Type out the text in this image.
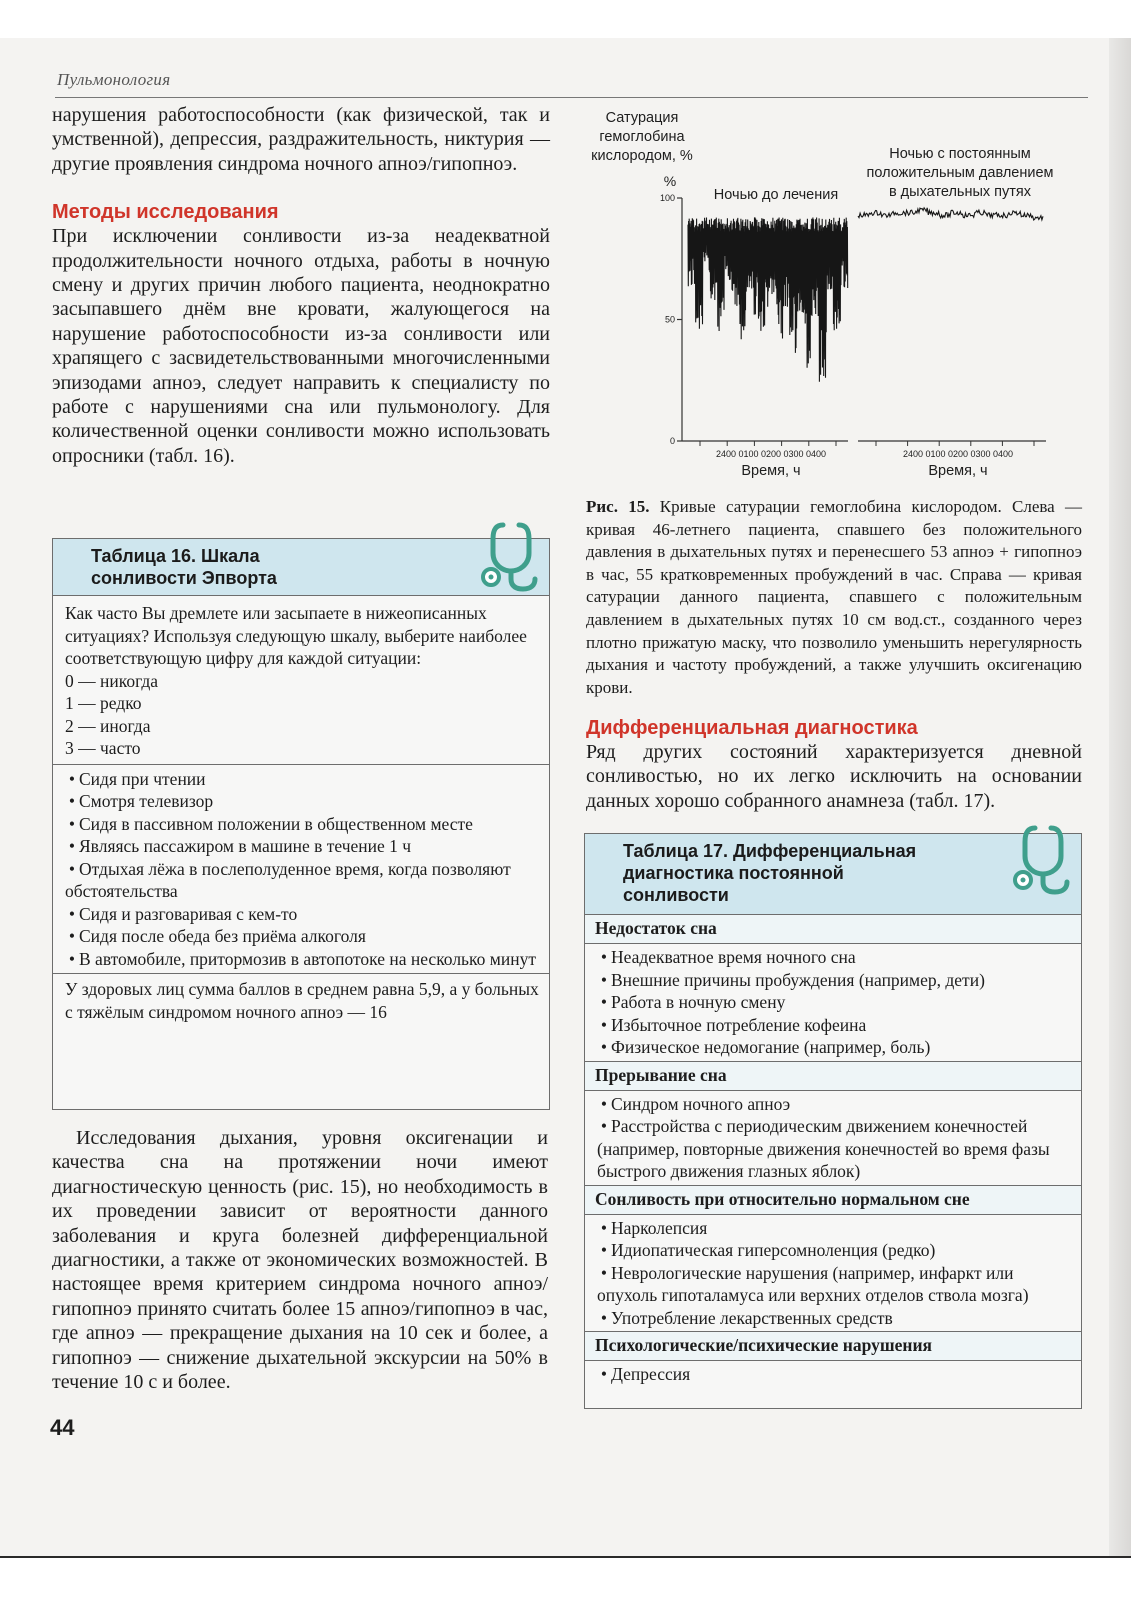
Пульмонология

нарушения работоспособности (как физической, так и умственной), депрессия, раздражительность, никтурия — другие проявления синдрома ночного апноэ/гипопноэ.

Методы исследования

При исключении сонливости из-за неадекватной продолжительности ночного отдыха, работы в ночную смену и других причин любого пациента, неоднократно засыпавшего днём вне кровати, жалующегося на нарушение работоспособности из-за сонливости или храпящего с засвидетельствованными многочисленными эпизодами апноэ, следует направить к специалисту по работе с нарушениями сна или пульмонологу. Для количественной оценки сонливости можно использовать опросники (табл. 16).

Таблица 16. Шкала
сонливости Эпворта
Как часто Вы дремлете или засыпаете в нижеописанных ситуациях? Используя следующую шкалу, выберите наиболее соответствующую цифру для каждой ситуации:
0 — никогда
1 — редко
2 — иногда
3 — часто
• Сидя при чтении
• Смотря телевизор
• Сидя в пассивном положении в общественном месте
• Являясь пассажиром в машине в течение 1 ч
• Отдыхая лёжа в послеполуденное время, когда позволяют обстоятельства
• Сидя и разговаривая с кем-то
• Сидя после обеда без приёма алкоголя
• В автомобиле, притормозив в автопотоке на несколько минут
У здоровых лиц сумма баллов в среднем равна 5,9, а у больных с тяжёлым синдромом ночного апноэ — 16

Исследования дыхания, уровня оксигенации и качества сна на протяжении ночи имеют диагностическую ценность (рис. 15), но необходимость в их проведении зависит от вероятности данного заболевания и круга болезней дифференциальной диагностики, а также от экономических возможностей. В настоящее время критерием синдрома ночного апноэ/гипопноэ принято считать более 15 апноэ/гипопноэ в час, где апноэ — прекращение дыхания на 10 сек и более, а гипопноэ — снижение дыхательной экскурсии на 50% в течение 10 с и более.

44
Сатурация
гемоглобина
кислородом, %
%
Ночью с постоянным
положительным давлением
в дыхательных путях
Ночью до лечения
0
50
100
2400 0100 0200 0300 0400
Время, ч
2400 0100 0200 0300 0400
Время, ч

Рис. 15. Кривые сатурации гемоглобина кислородом. Слева — кривая 46-летнего пациента, спавшего без положительного давления в дыхательных путях и перенесшего 53 апноэ + гипопноэ в час, 55 кратковременных пробуждений в час. Справа — кривая сатурации данного пациента, спавшего с положительным давлением в дыхательных путях 10 см вод.ст., созданного через плотно прижатую маску, что позволило уменьшить нерегулярность дыхания и частоту пробуждений, а также улучшить оксигенацию крови.

Дифференциальная диагностика

Ряд других состояний характеризуется дневной сонливостью, но их легко исключить на основании данных хорошо собранного анамнеза (табл. 17).

Таблица 17. Дифференциальная
диагностика постоянной
сонливости
Недостаток сна
• Неадекватное время ночного сна
• Внешние причины пробуждения (например, дети)
• Работа в ночную смену
• Избыточное потребление кофеина
• Физическое недомогание (например, боль)
Прерывание сна
• Синдром ночного апноэ
• Расстройства с периодическим движением конечностей (например, повторные движения конечностей во время фазы быстрого движения глазных яблок)
Сонливость при относительно нормальном сне
• Нарколепсия
• Идиопатическая гиперсомноленция (редко)
• Неврологические нарушения (например, инфаркт или опухоль гипоталамуса или верхних отделов ствола мозга)
• Употребление лекарственных средств
Психологические/психические нарушения
• Депрессия
